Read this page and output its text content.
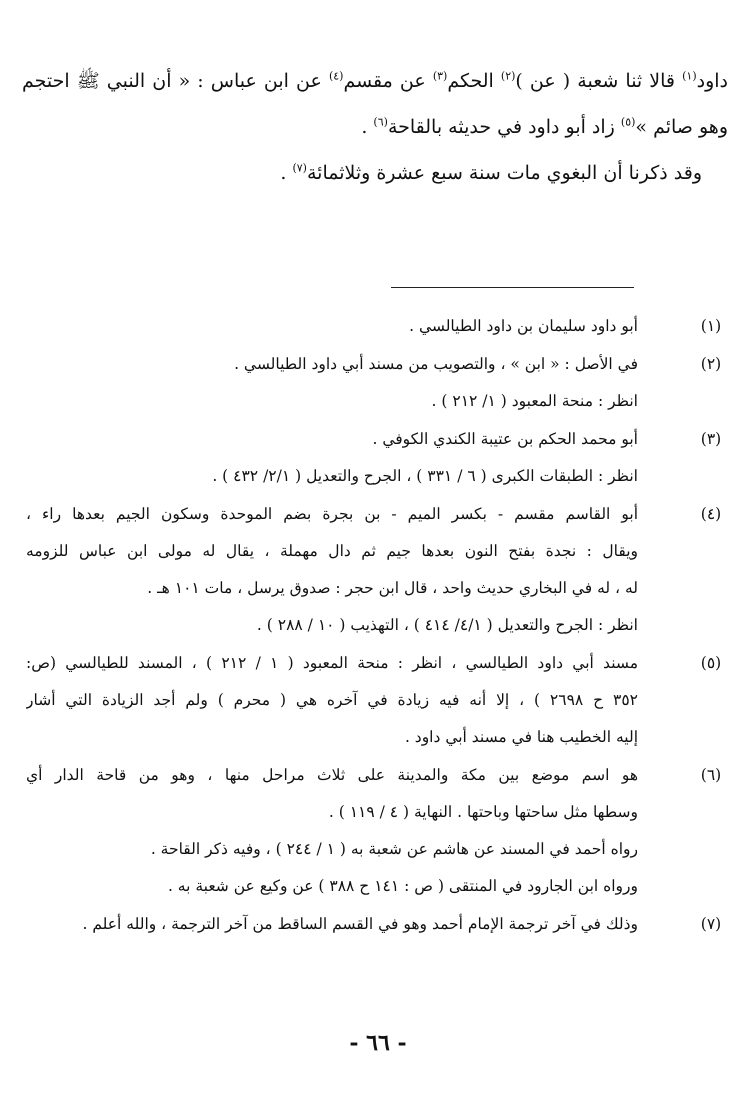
داود$^{(١)}$ قالا ثنا شعبة ( عن )$^{(٢)}$ الحكم$^{(٣)}$ عن مقسم$^{(٤)}$ عن ابن عباس : « أن النبي ﷺ احتجم وهو صائم »$^{(٥)}$ زاد أبو داود في حديثه بالقاحة$^{(٦)}$ .

وقد ذكرنا أن البغوي مات سنة سبع عشرة وثلاثمائة$^{(٧)}$ .

(١)
أبو داود سليمان بن داود الطيالسي .
(٢)
في الأصل : « ابن » ، والتصويب من مسند أبي داود الطيالسي .
انظر : منحة المعبود ( ١/ ٢١٢ ) .
(٣)
أبو محمد الحكم بن عتيبة الكندي الكوفي .
انظر : الطبقات الكبرى ( ٦ / ٣٣١ ) ، الجرح والتعديل ( ٢/١/ ٤٣٢ ) .
(٤)
أبو القاسم مقسم - بكسر الميم - بن بجرة بضم الموحدة وسكون الجيم بعدها راء ،
ويقال : نجدة بفتح النون بعدها جيم ثم دال مهملة ، يقال له مولى ابن عباس للزومه
له ، له في البخاري حديث واحد ، قال ابن حجر : صدوق يرسل ، مات ١٠١ هـ .
انظر : الجرح والتعديل ( ٤/١/ ٤١٤ ) ، التهذيب ( ١٠ / ٢٨٨ ) .
(٥)
مسند أبي داود الطيالسي ، انظر : منحة المعبود ( ١ / ٢١٢ ) ، المسند للطيالسي (ص:
٣٥٢ ح ٢٦٩٨ ) ، إلا أنه فيه زيادة في آخره هي ( محرم ) ولم أجد الزيادة التي أشار
إليه الخطيب هنا في مسند أبي داود .
(٦)
هو اسم موضع بين مكة والمدينة على ثلاث مراحل منها ، وهو من قاحة الدار أي
وسطها مثل ساحتها وباحتها . النهاية ( ٤ / ١١٩ ) .
رواه أحمد في المسند عن هاشم عن شعبة به ( ١ / ٢٤٤ ) ، وفيه ذكر القاحة .
ورواه ابن الجارود في المنتقى ( ص : ١٤١ ح ٣٨٨ ) عن وكيع عن شعبة به .
(٧)
وذلك في آخر ترجمة الإمام أحمد وهو في القسم الساقط من آخر الترجمة ، والله أعلم .
- ٦٦ -
